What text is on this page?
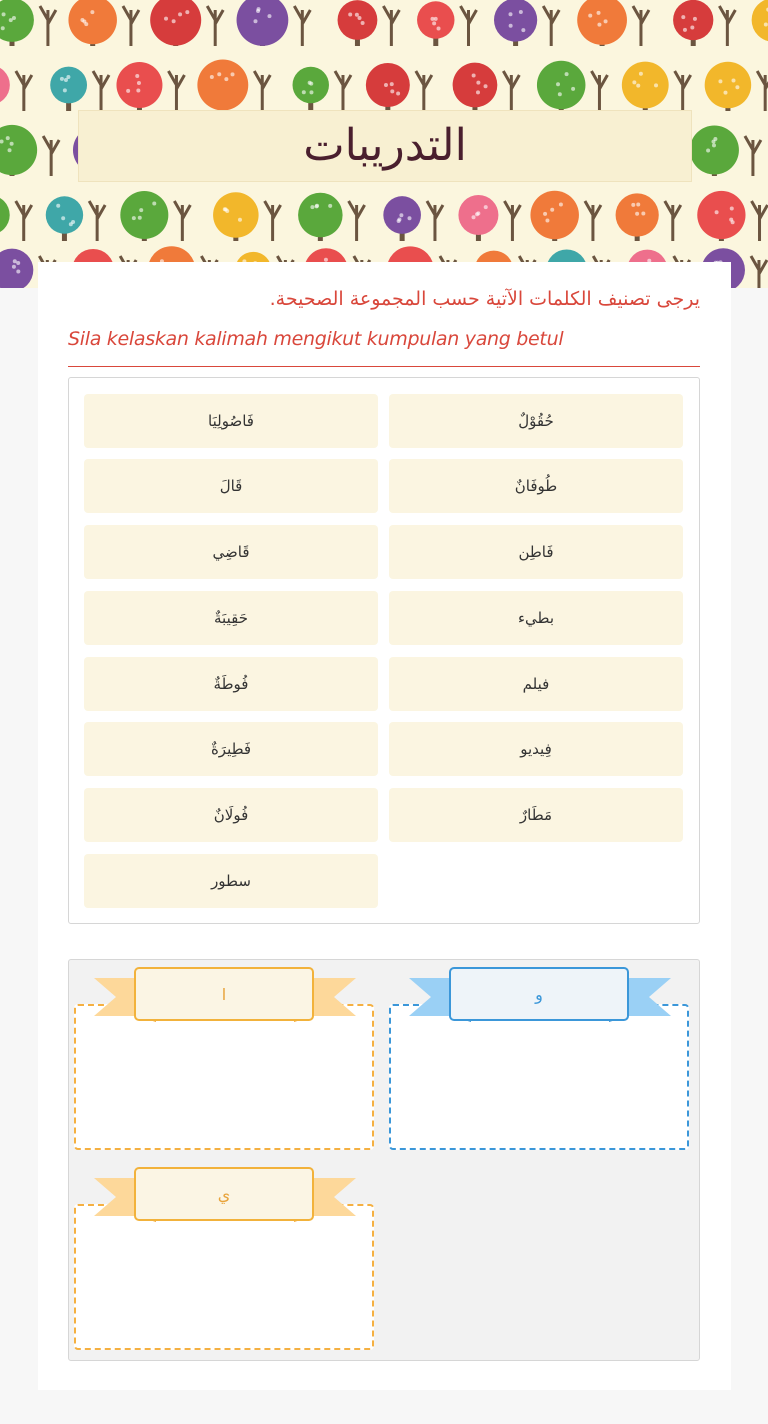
التدريبات
يرجى تصنيف الكلمات الآتية حسب المجموعة الصحيحة.
Sila kelaskan kalimah mengikut kumpulan yang betul
حُقُوْلٌ
فَاصُولِيَا
طُوفَانٌ
قَالَ
فَاطِن
قَاضِي
بطيء
حَقِيبَةٌ
فيلم
فُوطَةٌ
فِيديو
فَطِيرَةٌ
مَطَارٌ
فُولَانٌ
سطور
و
ا
ي
